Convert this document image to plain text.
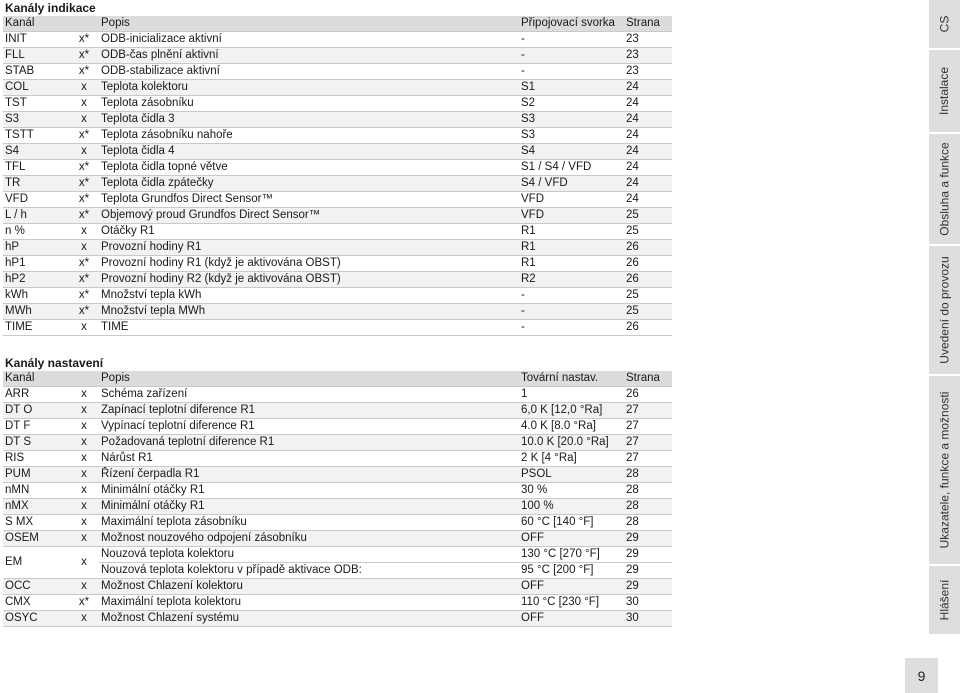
Kanály indikace
Kanál		Popis	Připojovací svorka	Strana
INIT	x*	ODB-inicializace aktivní	-	23
FLL	x*	ODB-čas plnění aktivní	-	23
STAB	x*	ODB-stabilizace aktivní	-	23
COL	x	Teplota kolektoru	S1	24
TST	x	Teplota zásobníku	S2	24
S3	x	Teplota čidla 3	S3	24
TSTT	x*	Teplota zásobníku nahoře	S3	24
S4	x	Teplota čidla 4	S4	24
TFL	x*	Teplota čidla topné větve	S1 / S4 / VFD	24
TR	x*	Teplota čidla zpátečky	S4 / VFD	24
VFD	x*	Teplota Grundfos Direct Sensor™	VFD	24
L / h	x*	Objemový proud Grundfos Direct Sensor™	VFD	25
n %	x	Otáčky R1	R1	25
hP	x	Provozní hodiny R1	R1	26
hP1	x*	Provozní hodiny R1 (když je aktivována OBST)	R1	26
hP2	x*	Provozní hodiny R2 (když je aktivována OBST)	R2	26
kWh	x*	Množství tepla kWh	-	25
MWh	x*	Množství tepla MWh	-	25
TIME	x	TIME	-	26
Kanály nastavení
Kanál		Popis	Tovární nastav.	Strana
ARR	x	Schéma zařízení	1	26
DT O	x	Zapínací teplotní diference R1	6,0 K [12,0 °Ra]	27
DT F	x	Vypínací teplotní diference R1	4.0 K [8.0 °Ra]	27
DT S	x	Požadovaná teplotní diference R1	10.0 K [20.0 °Ra]	27
RIS	x	Nárůst R1	2 K [4 °Ra]	27
PUM	x	Řízení čerpadla R1	PSOL	28
nMN	x	Minimální otáčky R1	30 %	28
nMX	x	Minimální otáčky R1	100 %	28
S MX	x	Maximální teplota zásobníku	60 °C [140 °F]	28
OSEM	x	Možnost nouzového odpojení zásobníku	OFF	29
EM	x	Nouzová teplota kolektoru	130 °C [270 °F]	29
		Nouzová teplota kolektoru v případě aktivace ODB:	95 °C [200 °F]	29
OCC	x	Možnost Chlazení kolektoru	OFF	29
CMX	x*	Maximální teplota kolektoru	110 °C [230 °F]	30
OSYC	x	Možnost Chlazení systému	OFF	30
CS
Instalace
Obsluha a funkce
Uvedení do provozu
Ukazatele, funkce a možnosti
Hlášení
9
